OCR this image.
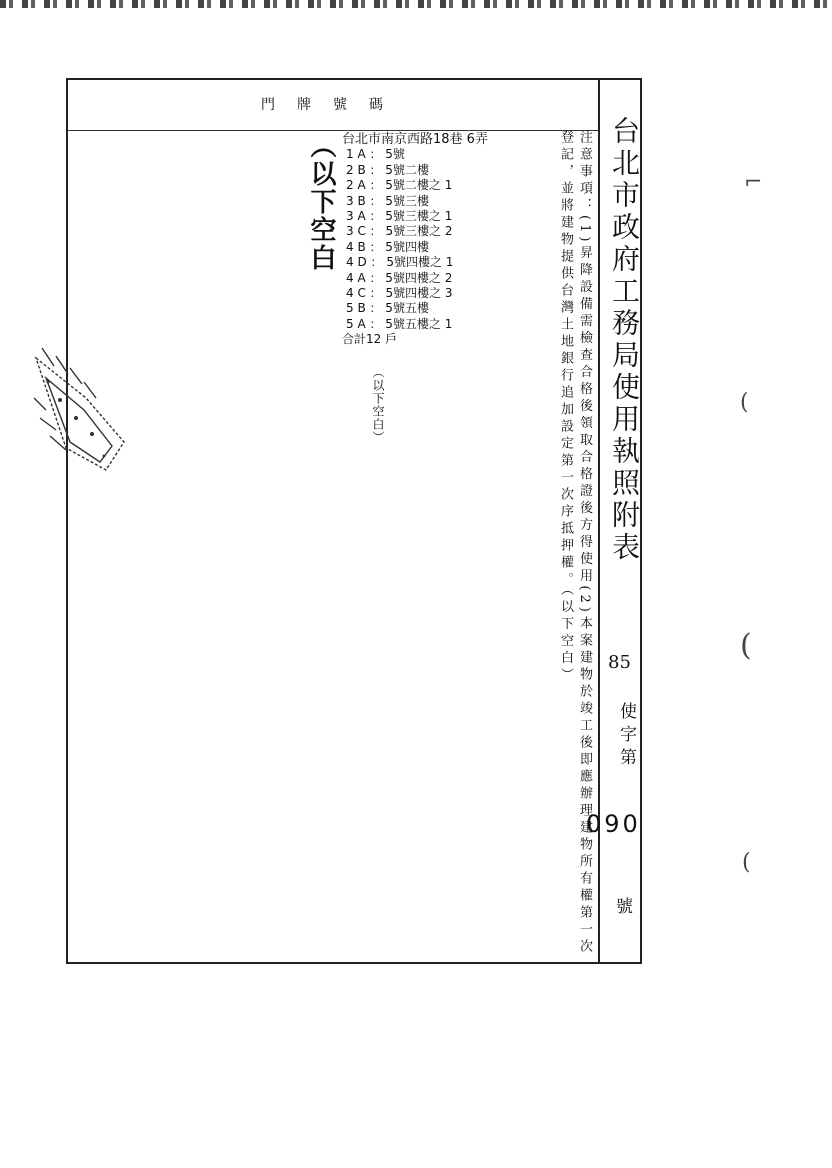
門牌號碼
台北市政府工務局使用執照附表
85
使字第
090
號
注意事項：(1)昇降設備需檢查合格後領取合格證後方得使用(2)本案建物於竣工後即應辦理建物所有權第一次登記，並將建物提供台灣土地銀行追加設定第一次序抵押權。（以下空白）
（以下空白 台北市南京西路18巷 6弄
1 A ： 5號
2 B ： 5號二樓
2 A ： 5號二樓之 1
3 B ： 5號三樓
3 A ： 5號三樓之 1
3 C ： 5號三樓之 2
4 B ： 5號四樓
4 D ： 5號四樓之 1
4 A ： 5號四樓之 2
4 C ： 5號四樓之 3
5 B ： 5號五樓
5 A ： 5號五樓之 1
合計12 戶
（以下空白）
⌐
(
(
(
